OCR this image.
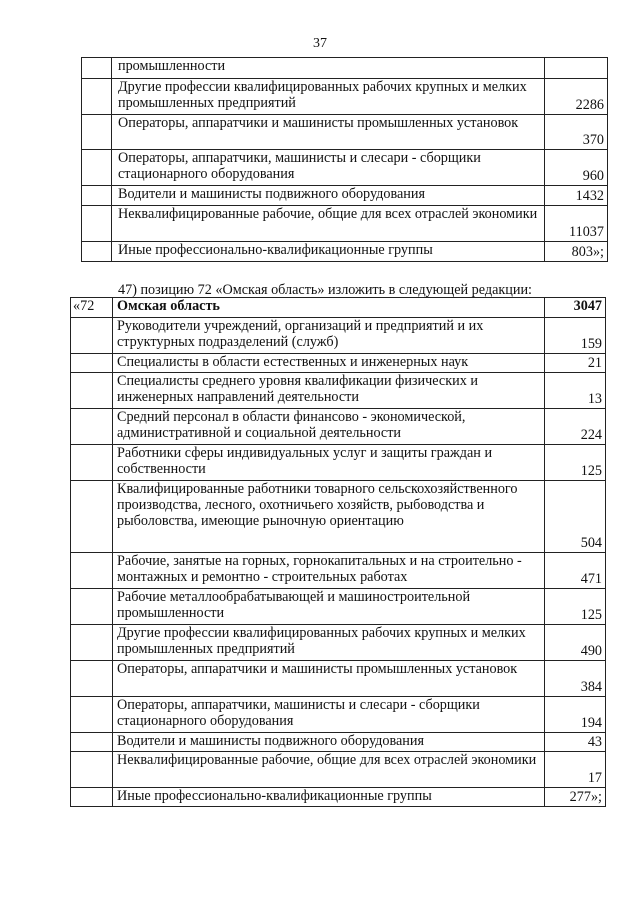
37
	промышленности	
	Другие профессии квалифицированных рабочих крупных и мелких промышленных предприятий	2286
	Операторы, аппаратчики и машинисты промышленных установок	370
	Операторы, аппаратчики, машинисты и слесари - сборщики стационарного оборудования	960
	Водители и машинисты подвижного оборудования	1432
	Неквалифицированные рабочие, общие для всех отраслей экономики	11037
	Иные профессионально-квалификационные группы	803»;
47) позицию 72 «Омская область» изложить в следующей редакции:
«72	Омская область	3047
	Руководители учреждений, организаций и предприятий и их структурных подразделений (служб)	159
	Специалисты в области естественных и инженерных наук	21
	Специалисты среднего уровня квалификации физических и инженерных направлений деятельности	13
	Средний персонал в области финансово - экономической, административной и социальной деятельности	224
	Работники сферы индивидуальных услуг и защиты граждан и собственности	125
	Квалифицированные работники товарного сельскохозяйственного производства, лесного, охотничьего хозяйств, рыбоводства и рыболовства, имеющие рыночную ориентацию	504
	Рабочие, занятые на горных, горнокапитальных и на строительно - монтажных и ремонтно - строительных работах	471
	Рабочие металлообрабатывающей и машиностроительной промышленности	125
	Другие профессии квалифицированных рабочих крупных и мелких промышленных предприятий	490
	Операторы, аппаратчики и машинисты промышленных установок	384
	Операторы, аппаратчики, машинисты и слесари - сборщики стационарного оборудования	194
	Водители и машинисты подвижного оборудования	43
	Неквалифицированные рабочие, общие для всех отраслей экономики	17
	Иные профессионально-квалификационные группы	277»;
